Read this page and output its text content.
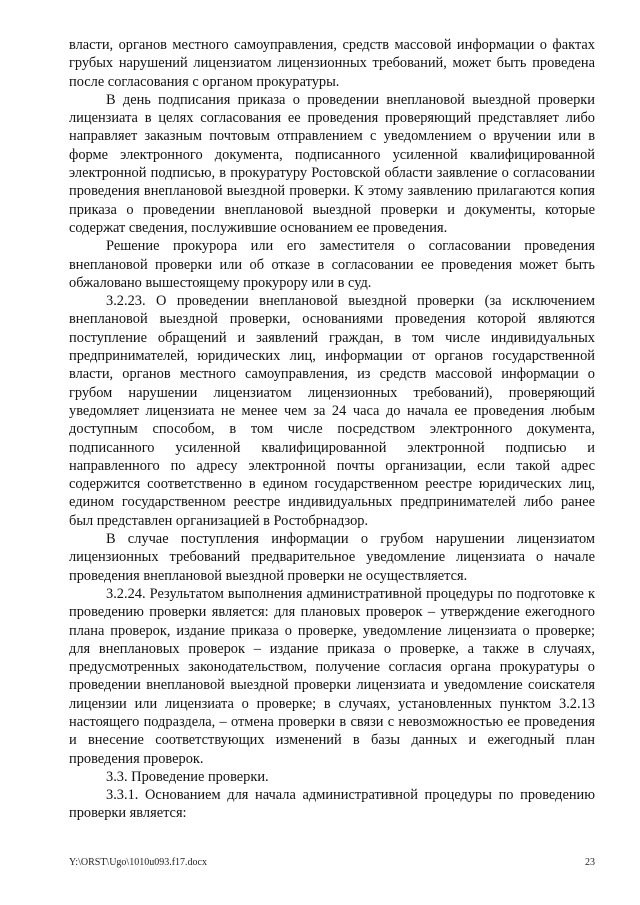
власти, органов местного самоуправления, средств массовой информации о фактах грубых нарушений лицензиатом лицензионных требований, может быть проведена после согласования с органом прокуратуры.

В день подписания приказа о проведении внеплановой выездной проверки лицензиата в целях согласования ее проведения проверяющий представляет либо направляет заказным почтовым отправлением с уведомлением о вручении или в форме электронного документа, подписанного усиленной квалифицированной электронной подписью, в прокуратуру Ростовской области заявление о согласовании проведения внеплановой выездной проверки. К этому заявлению прилагаются копия приказа о проведении внеплановой выездной проверки и документы, которые содержат сведения, послужившие основанием ее проведения.

Решение прокурора или его заместителя о согласовании проведения внеплановой проверки или об отказе в согласовании ее проведения может быть обжаловано вышестоящему прокурору или в суд.

3.2.23. О проведении внеплановой выездной проверки (за исключением внеплановой выездной проверки, основаниями проведения которой являются поступление обращений и заявлений граждан, в том числе индивидуальных предпринимателей, юридических лиц, информации от органов государственной власти, органов местного самоуправления, из средств массовой информации о грубом нарушении лицензиатом лицензионных требований), проверяющий уведомляет лицензиата не менее чем за 24 часа до начала ее проведения любым доступным способом, в том числе посредством электронного документа, подписанного усиленной квалифицированной электронной подписью и направленного по адресу электронной почты организации, если такой адрес содержится соответственно в едином государственном реестре юридических лиц, едином государственном реестре индивидуальных предпринимателей либо ранее был представлен организацией в Ростобрнадзор.

В случае поступления информации о грубом нарушении лицензиатом лицензионных требований предварительное уведомление лицензиата о начале проведения внеплановой выездной проверки не осуществляется.

3.2.24. Результатом выполнения административной процедуры по подготовке к проведению проверки является: для плановых проверок – утверждение ежегодного плана проверок, издание приказа о проверке, уведомление лицензиата о проверке; для внеплановых проверок – издание приказа о проверке, а также в случаях, предусмотренных законодательством, получение согласия органа прокуратуры о проведении внеплановой выездной проверки лицензиата и уведомление соискателя лицензии или лицензиата о проверке; в случаях, установленных пунктом 3.2.13 настоящего подраздела, – отмена проверки в связи с невозможностью ее проведения и внесение соответствующих изменений в базы данных и ежегодный план проведения проверок.

3.3. Проведение проверки.

3.3.1. Основанием для начала административной процедуры по проведению проверки является:

Y:\ORST\Ugo\1010u093.f17.docx	23
